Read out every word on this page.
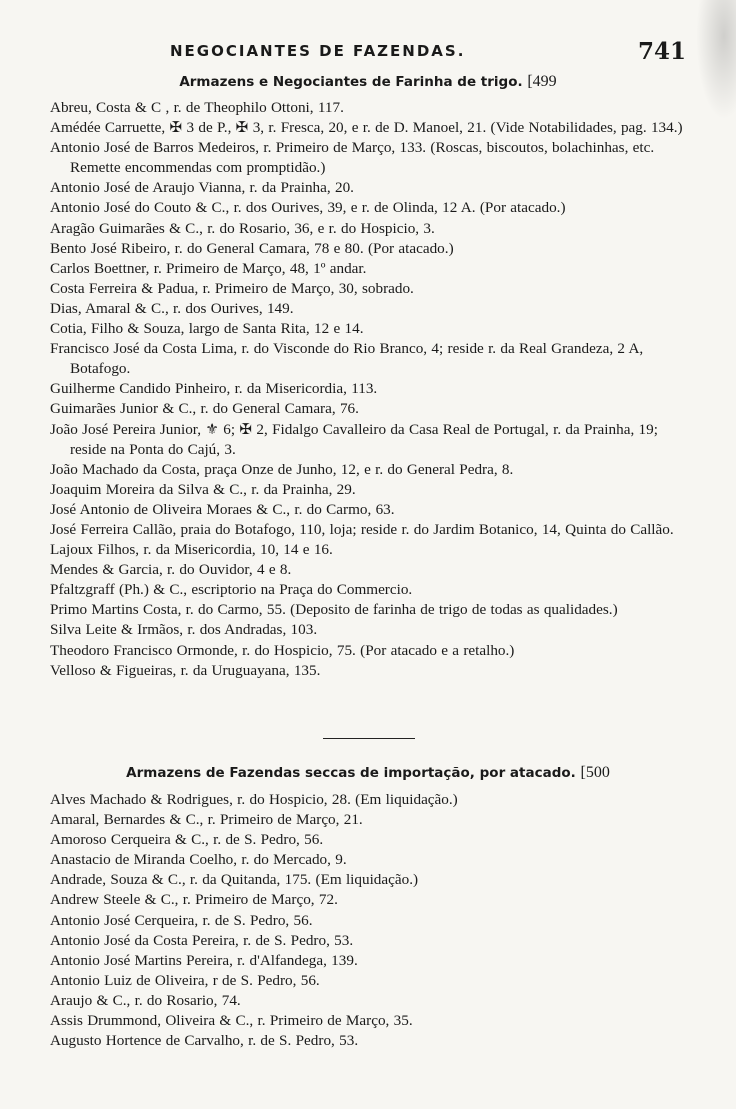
NEGOCIANTES DE FAZENDAS.	741
Armazens e Negociantes de Farinha de trigo. [499
Abreu, Costa & C , r. de Theophilo Ottoni, 117.
Amédée Carruette, ✠ 3 de P., ✠ 3, r. Fresca, 20, e r. de D. Manoel, 21. (Vide Notabilidades, pag. 134.)
Antonio José de Barros Medeiros, r. Primeiro de Março, 133. (Roscas, biscoutos, bolachinhas, etc. Remette encommendas com promptidão.)
Antonio José de Araujo Vianna, r. da Prainha, 20.
Antonio José do Couto & C., r. dos Ourives, 39, e r. de Olinda, 12 A. (Por atacado.)
Aragão Guimarães & C., r. do Rosario, 36, e r. do Hospicio, 3.
Bento José Ribeiro, r. do General Camara, 78 e 80. (Por atacado.)
Carlos Boettner, r. Primeiro de Março, 48, 1º andar.
Costa Ferreira & Padua, r. Primeiro de Março, 30, sobrado.
Dias, Amaral & C., r. dos Ourives, 149.
Cotia, Filho & Souza, largo de Santa Rita, 12 e 14.
Francisco José da Costa Lima, r. do Visconde do Rio Branco, 4; reside r. da Real Grandeza, 2 A, Botafogo.
Guilherme Candido Pinheiro, r. da Misericordia, 113.
Guimarães Junior & C., r. do General Camara, 76.
João José Pereira Junior, ⚜ 6; ✠ 2, Fidalgo Cavalleiro da Casa Real de Portugal, r. da Prainha, 19; reside na Ponta do Cajú, 3.
João Machado da Costa, praça Onze de Junho, 12, e r. do General Pedra, 8.
Joaquim Moreira da Silva & C., r. da Prainha, 29.
José Antonio de Oliveira Moraes & C., r. do Carmo, 63.
José Ferreira Callão, praia do Botafogo, 110, loja; reside r. do Jardim Botanico, 14, Quinta do Callão.
Lajoux Filhos, r. da Misericordia, 10, 14 e 16.
Mendes & Garcia, r. do Ouvidor, 4 e 8.
Pfaltzgraff (Ph.) & C., escriptorio na Praça do Commercio.
Primo Martins Costa, r. do Carmo, 55. (Deposito de farinha de trigo de todas as qualidades.)
Silva Leite & Irmãos, r. dos Andradas, 103.
Theodoro Francisco Ormonde, r. do Hospicio, 75. (Por atacado e a retalho.)
Velloso & Figueiras, r. da Uruguayana, 135.
Armazens de Fazendas seccas de importação, por atacado. [500
Alves Machado & Rodrigues, r. do Hospicio, 28. (Em liquidação.)
Amaral, Bernardes & C., r. Primeiro de Março, 21.
Amoroso Cerqueira & C., r. de S. Pedro, 56.
Anastacio de Miranda Coelho, r. do Mercado, 9.
Andrade, Souza & C., r. da Quitanda, 175. (Em liquidação.)
Andrew Steele & C., r. Primeiro de Março, 72.
Antonio José Cerqueira, r. de S. Pedro, 56.
Antonio José da Costa Pereira, r. de S. Pedro, 53.
Antonio José Martins Pereira, r. d'Alfandega, 139.
Antonio Luiz de Oliveira, r de S. Pedro, 56.
Araujo & C., r. do Rosario, 74.
Assis Drummond, Oliveira & C., r. Primeiro de Março, 35.
Augusto Hortence de Carvalho, r. de S. Pedro, 53.
